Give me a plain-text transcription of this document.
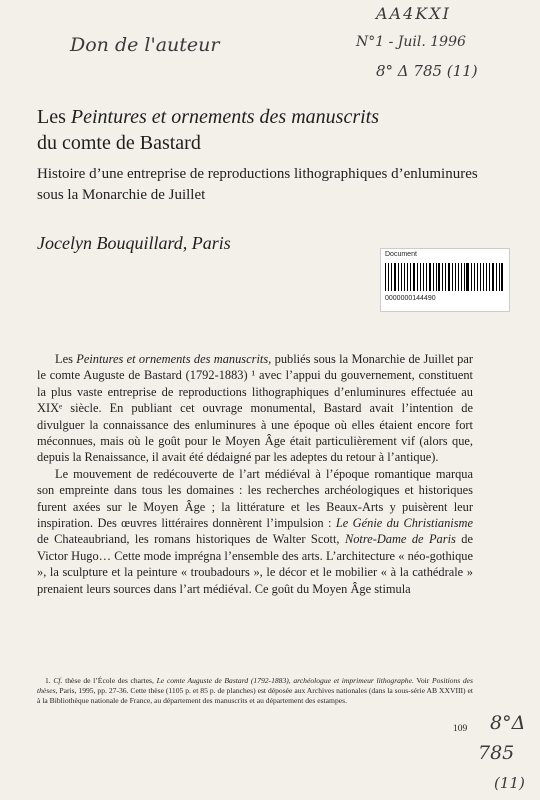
AA4KXI
Don de l'auteur	N°1 - Juil. 1996
8° Δ 785 (11)
Les Peintures et ornements des manuscrits
du comte de Bastard
Histoire d’une entreprise de reproductions lithographiques d’enluminures sous la Monarchie de Juillet
Jocelyn Bouquillard, Paris
Document
0000000144490

Les Peintures et ornements des manuscrits, publiés sous la Monarchie de Juillet par le comte Auguste de Bastard (1792-1883) ¹ avec l’appui du gouvernement, constituent la plus vaste entreprise de reproductions lithographiques d’enluminures effectuée au XIXᵉ siècle. En publiant cet ouvrage monumental, Bastard avait l’intention de divulguer la connaissance des enluminures à une époque où elles étaient encore fort méconnues, mais où le goût pour le Moyen Âge était particulièrement vif (alors que, depuis la Renaissance, il avait été dédaigné par les adeptes du retour à l’antique).

Le mouvement de redécouverte de l’art médiéval à l’époque romantique marqua son empreinte dans tous les domaines : les recherches archéologiques et historiques furent axées sur le Moyen Âge ; la littérature et les Beaux-Arts y puisèrent leur inspiration. Des œuvres littéraires donnèrent l’impulsion : Le Génie du Christianisme de Chateaubriand, les romans historiques de Walter Scott, Notre-Dame de Paris de Victor Hugo… Cette mode imprégna l’ensemble des arts. L’architecture « néo-gothique », la sculpture et la peinture « troubadours », le décor et le mobilier « à la cathédrale » prenaient leurs sources dans l’art médiéval. Ce goût du Moyen Âge stimula

1. Cf. thèse de l’École des chartes, Le comte Auguste de Bastard (1792-1883), archéologue et imprimeur lithographe. Voir Positions des thèses, Paris, 1995, pp. 27-36. Cette thèse (1105 p. et 85 p. de planches) est déposée aux Archives nationales (dans la sous-série AB XXVIII) et à la Bibliothèque nationale de France, au département des manuscrits et au département des estampes.
109 8°Δ
785
(11)
